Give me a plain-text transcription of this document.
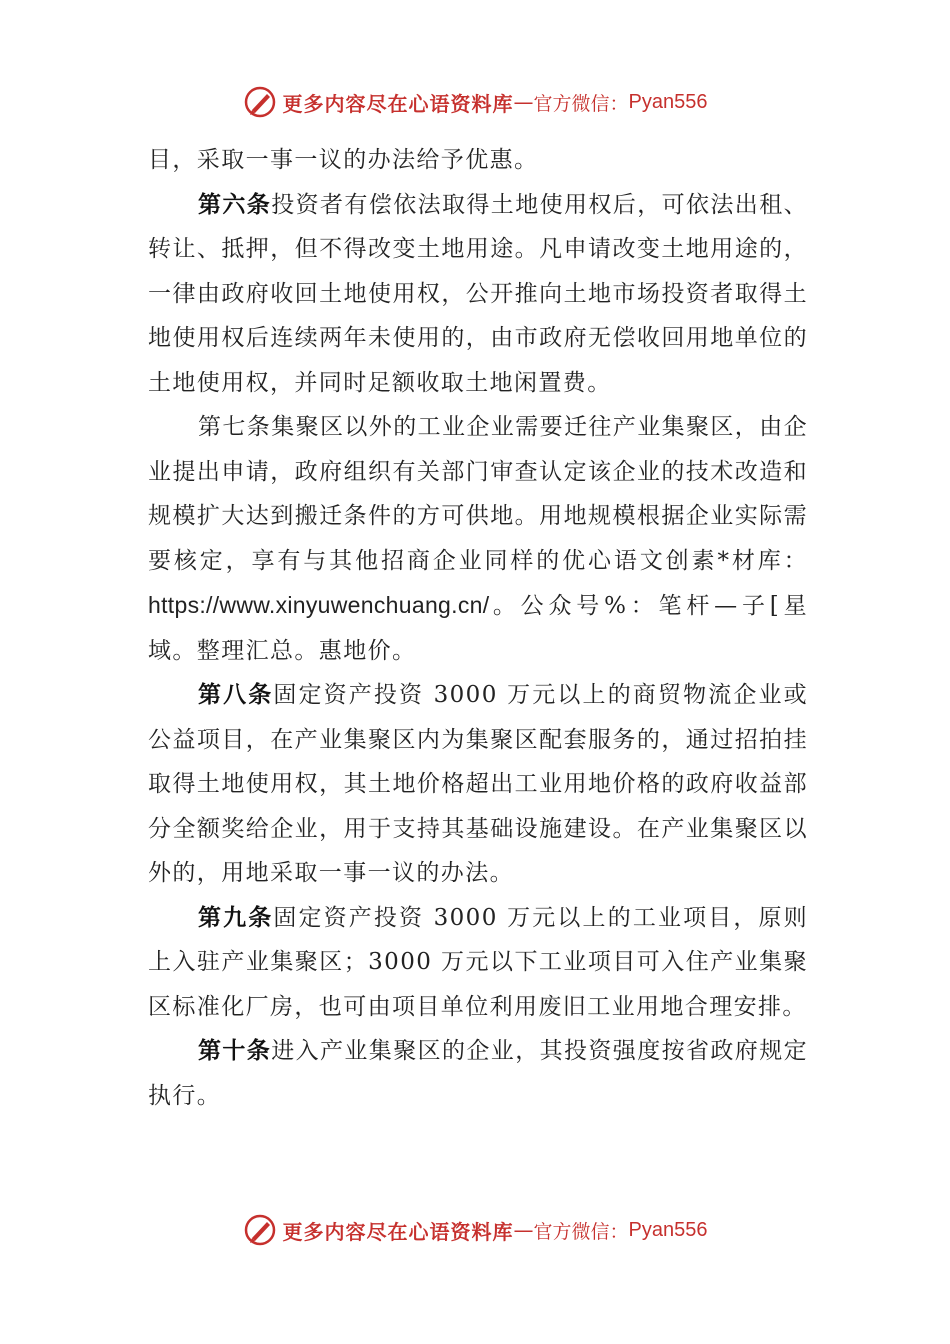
更多内容尽在心语资料库 — 官方微信： Pyan556

目，采取一事一议的办法给予优惠。

第六条投资者有偿依法取得土地使用权后，可依法出租、转让、抵押，但不得改变土地用途。凡申请改变土地用途的，一律由政府收回土地使用权，公开推向土地市场投资者取得土地使用权后连续两年未使用的，由市政府无偿收回用地单位的土地使用权，并同时足额收取土地闲置费。

第七条集聚区以外的工业企业需要迁往产业集聚区，由企业提出申请，政府组织有关部门审查认定该企业的技术改造和规模扩大达到搬迁条件的方可供地。用地规模根据企业实际需要核定，享有与其他招商企业同样的优心语文创素*材库：https://www.xinyuwenchuang.cn/。公众号%：笔杆—子[星域。整理汇总。惠地价。

第八条固定资产投资 3000 万元以上的商贸物流企业或公益项目，在产业集聚区内为集聚区配套服务的，通过招拍挂取得土地使用权，其土地价格超出工业用地价格的政府收益部分全额奖给企业，用于支持其基础设施建设。在产业集聚区以外的，用地采取一事一议的办法。

第九条固定资产投资 3000 万元以上的工业项目，原则上入驻产业集聚区；3000 万元以下工业项目可入住产业集聚区标准化厂房，也可由项目单位利用废旧工业用地合理安排。

第十条进入产业集聚区的企业，其投资强度按省政府规定执行。

更多内容尽在心语资料库 — 官方微信： Pyan556
